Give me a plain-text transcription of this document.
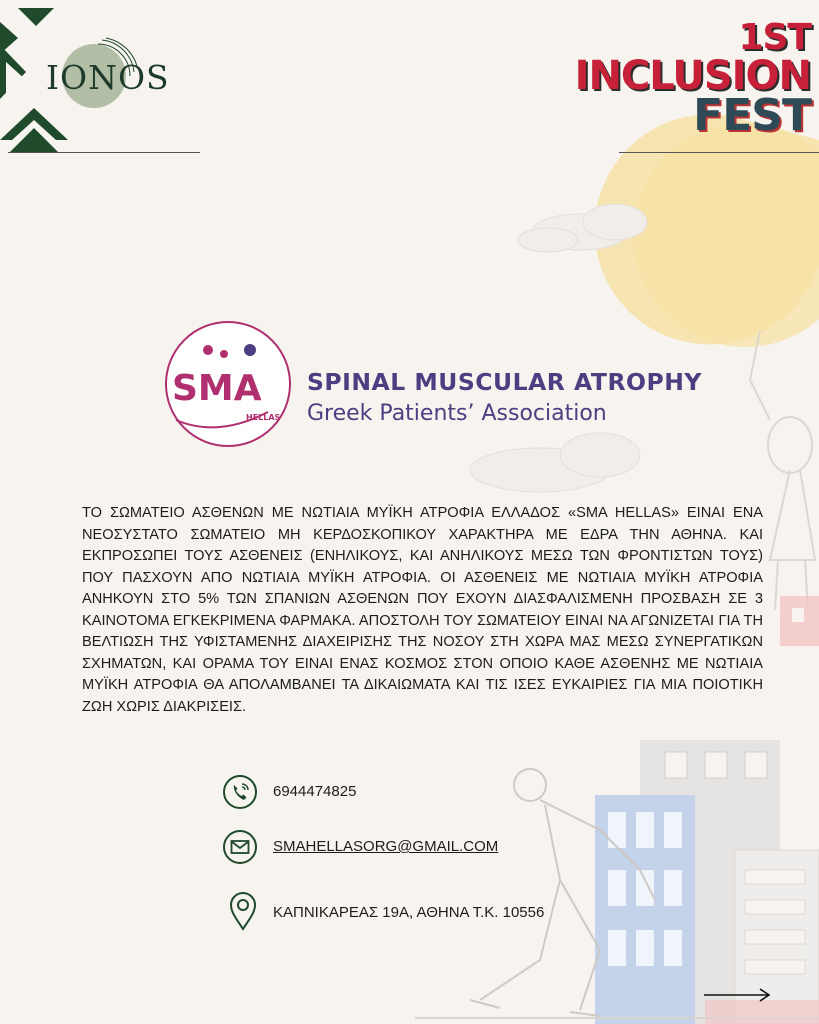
IONOS
1ST
INCLUSION
FEST
SMA
HELLAS
SPINAL MUSCULAR ATROPHY
Greek Patients’ Association
ΤΟ ΣΩΜΑΤΕΙΟ ΑΣΘΕΝΩΝ ΜΕ ΝΩΤΙΑΙΑ ΜΥΪΚΗ ΑΤΡΟΦΙΑ ΕΛΛΑΔΟΣ «SMA HELLAS» ΕΙΝΑΙ ΕΝΑ ΝΕΟΣΥΣΤΑΤΟ ΣΩΜΑΤΕΙΟ ΜΗ ΚΕΡΔΟΣΚΟΠΙΚΟΥ ΧΑΡΑΚΤΗΡΑ ΜΕ ΕΔΡΑ ΤΗΝ ΑΘΗΝΑ. ΚΑΙ ΕΚΠΡΟΣΩΠΕΙ ΤΟΥΣ ΑΣΘΕΝΕΙΣ (ΕΝΗΛΙΚΟΥΣ, ΚΑΙ ΑΝΗΛΙΚΟΥΣ ΜΕΣΩ ΤΩΝ ΦΡΟΝΤΙΣΤΩΝ ΤΟΥΣ) ΠΟΥ ΠΑΣΧΟΥΝ ΑΠΟ ΝΩΤΙΑΙΑ ΜΥΪΚΗ ΑΤΡΟΦΙΑ. ΟΙ ΑΣΘΕΝΕΙΣ ΜΕ ΝΩΤΙΑΙΑ ΜΥΪΚΗ ΑΤΡΟΦΙΑ ΑΝΗΚΟΥΝ ΣΤΟ 5% ΤΩΝ ΣΠΑΝΙΩΝ ΑΣΘΕΝΩΝ ΠΟΥ ΕΧΟΥΝ ΔΙΑΣΦΑΛΙΣΜΕΝΗ ΠΡΟΣΒΑΣΗ ΣΕ 3 ΚΑΙΝΟΤΟΜΑ ΕΓΚΕΚΡΙΜΕΝΑ ΦΑΡΜΑΚΑ. ΑΠΟΣΤΟΛΗ ΤΟΥ ΣΩΜΑΤΕΙΟΥ ΕΙΝΑΙ ΝΑ ΑΓΩΝΙΖΕΤΑΙ ΓΙΑ ΤΗ ΒΕΛΤΙΩΣΗ ΤΗΣ ΥΦΙΣΤΑΜΕΝΗΣ ΔΙΑΧΕΙΡΙΣΗΣ ΤΗΣ ΝΟΣΟΥ ΣΤΗ ΧΩΡΑ ΜΑΣ ΜΕΣΩ ΣΥΝΕΡΓΑΤΙΚΩΝ ΣΧΗΜΑΤΩΝ, ΚΑΙ ΟΡΑΜΑ ΤΟΥ ΕΙΝΑΙ ΕΝΑΣ ΚΟΣΜΟΣ ΣΤΟΝ ΟΠΟΙΟ ΚΑΘΕ ΑΣΘΕΝΗΣ ΜΕ ΝΩΤΙΑΙΑ ΜΥΪΚΗ ΑΤΡΟΦΙΑ ΘΑ ΑΠΟΛΑΜΒΑΝΕΙ ΤΑ ΔΙΚΑΙΩΜΑΤΑ ΚΑΙ ΤΙΣ ΙΣΕΣ ΕΥΚΑΙΡΙΕΣ ΓΙΑ ΜΙΑ ΠΟΙΟΤΙΚΗ ΖΩΗ ΧΩΡΙΣ ΔΙΑΚΡΙΣΕΙΣ.
6944474825
SMAHELLASORG@GMAIL.COM
ΚΑΠΝΙΚΑΡΕΑΣ 19Α, ΑΘΗΝΑ Τ.Κ. 10556
